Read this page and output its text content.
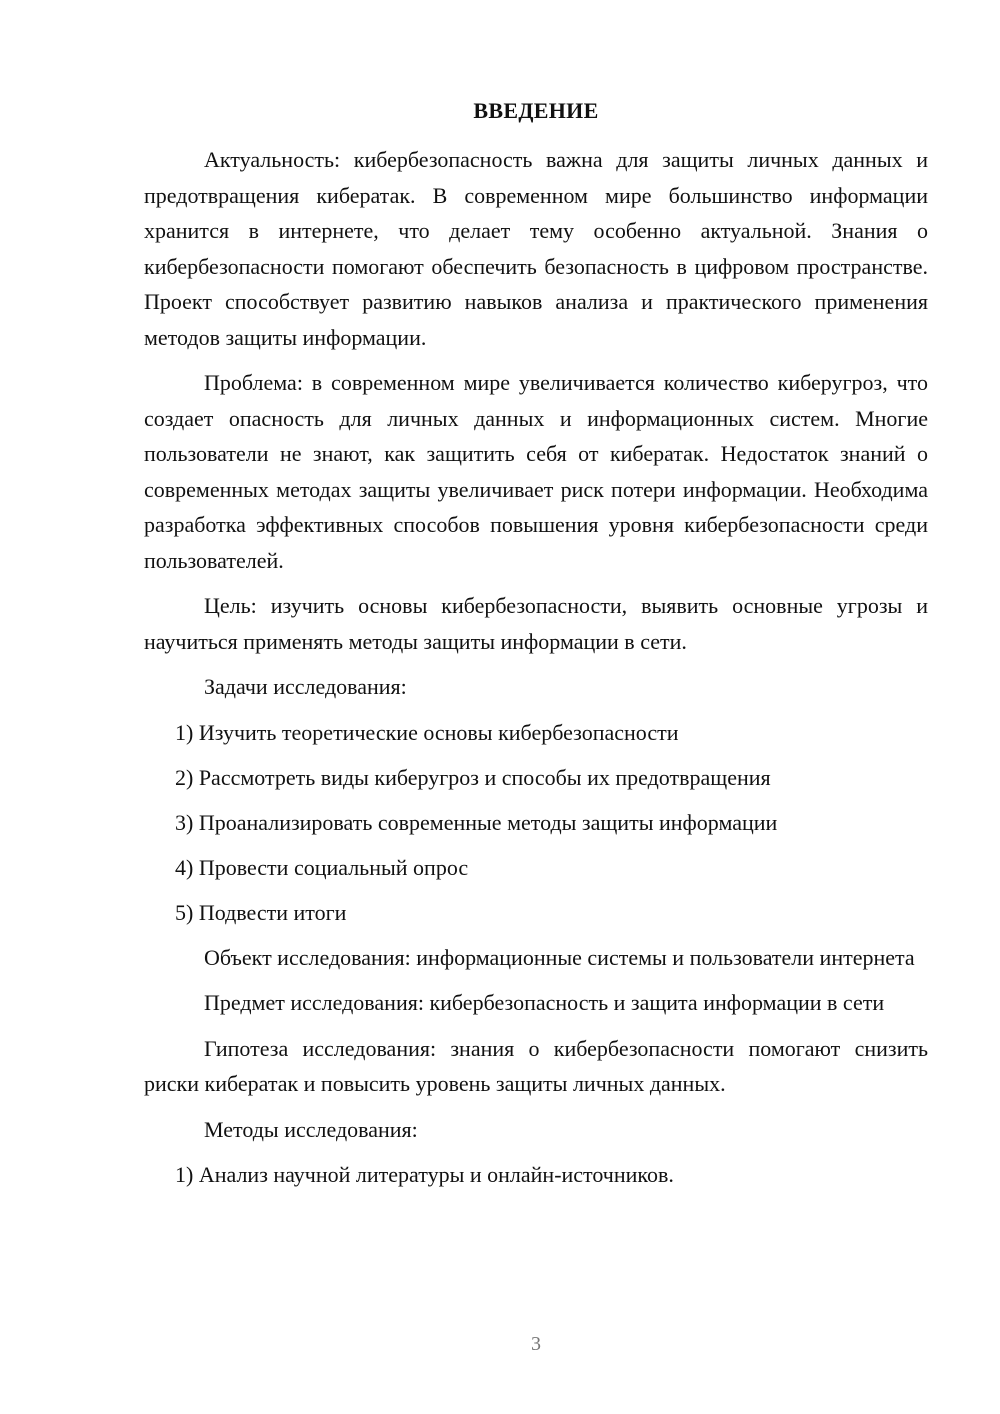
ВВЕДЕНИЕ

Актуальность: кибербезопасность важна для защиты личных данных и предотвращения кибератак. В современном мире большинство информации хранится в интернете, что делает тему особенно актуальной. Знания о кибербезопасности помогают обеспечить безопасность в цифровом пространстве. Проект способствует развитию навыков анализа и практического применения методов защиты информации.

Проблема: в современном мире увеличивается количество киберугроз, что создает опасность для личных данных и информационных систем. Многие пользователи не знают, как защитить себя от кибератак. Недостаток знаний о современных методах защиты увеличивает риск потери информации. Необходима разработка эффективных способов повышения уровня кибербезопасности среди пользователей.

Цель: изучить основы кибербезопасности, выявить основные угрозы и научиться применять методы защиты информации в сети.

Задачи исследования:

1) Изучить теоретические основы кибербезопасности
2) Рассмотреть виды киберугроз и способы их предотвращения
3) Проанализировать современные методы защиты информации
4) Провести социальный опрос
5) Подвести итоги

Объект исследования: информационные системы и пользователи интернета

Предмет исследования: кибербезопасность и защита информации в сети

Гипотеза исследования: знания о кибербезопасности помогают снизить риски кибератак и повысить уровень защиты личных данных.

Методы исследования:

1) Анализ научной литературы и онлайн-источников.
3
